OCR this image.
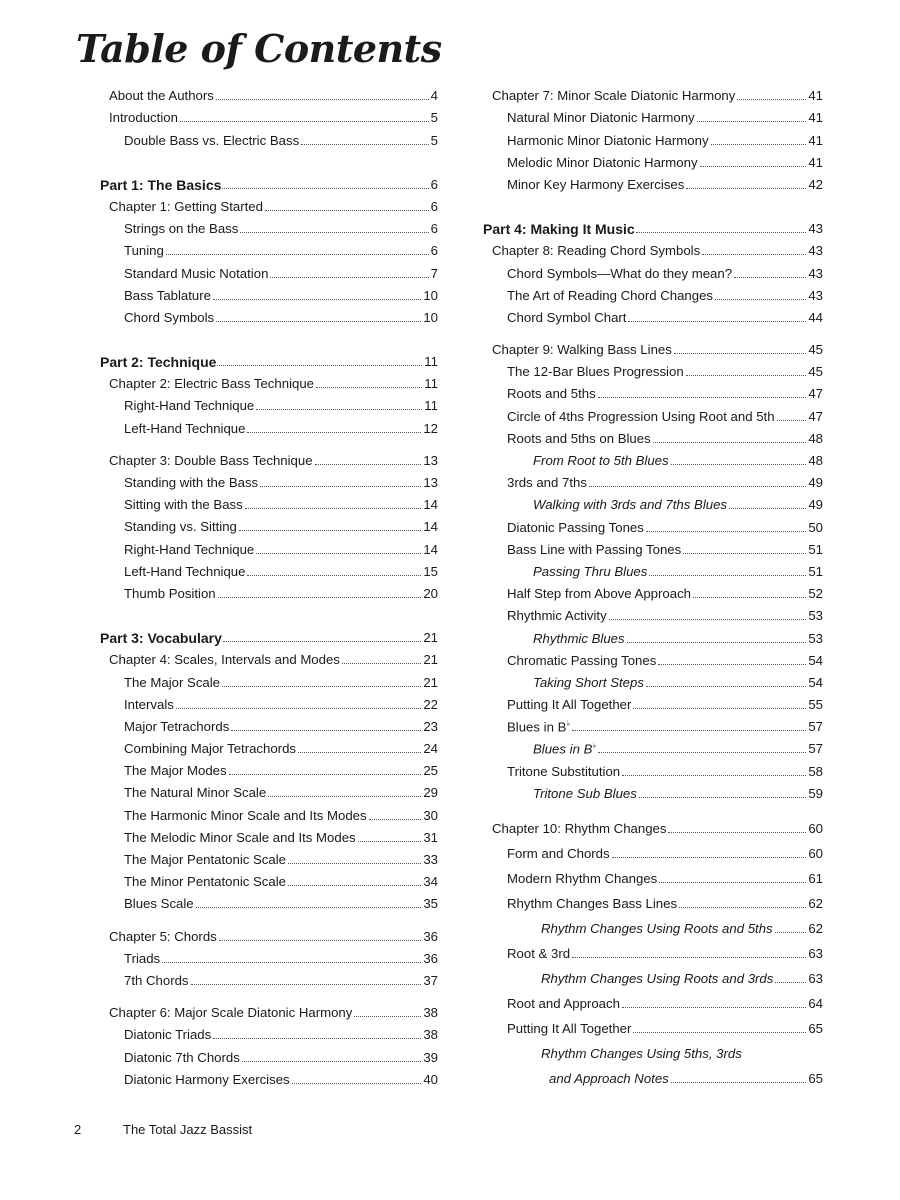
Table of Contents
About the Authors	4
Introduction	5
Double Bass vs. Electric Bass	5
Part 1: The Basics	6
Chapter 1: Getting Started	6
Strings on the Bass	6
Tuning	6
Standard Music Notation	7
Bass Tablature	10
Chord Symbols	10
Part 2: Technique	11
Chapter 2: Electric Bass Technique	11
Right-Hand Technique	11
Left-Hand Technique	12
Chapter 3: Double Bass Technique	13
Standing with the Bass	13
Sitting with the Bass	14
Standing vs. Sitting	14
Right-Hand Technique	14
Left-Hand Technique	15
Thumb Position	20
Part 3: Vocabulary	21
Chapter 4: Scales, Intervals and Modes	21
The Major Scale	21
Intervals	22
Major Tetrachords	23
Combining Major Tetrachords	24
The Major Modes	25
The Natural Minor Scale	29
The Harmonic Minor Scale and Its Modes	30
The Melodic Minor Scale and Its Modes	31
The Major Pentatonic Scale	33
The Minor Pentatonic Scale	34
Blues Scale	35
Chapter 5: Chords	36
Triads	36
7th Chords	37
Chapter 6: Major Scale Diatonic Harmony	38
Diatonic Triads	38
Diatonic 7th Chords	39
Diatonic Harmony Exercises	40
Chapter 7: Minor Scale Diatonic Harmony	41
Natural Minor Diatonic Harmony	41
Harmonic Minor Diatonic Harmony	41
Melodic Minor Diatonic Harmony	41
Minor Key Harmony Exercises	42
Part 4: Making It Music	43
Chapter 8: Reading Chord Symbols	43
Chord Symbols—What do they mean?	43
The Art of Reading Chord Changes	43
Chord Symbol Chart	44
Chapter 9: Walking Bass Lines	45
The 12-Bar Blues Progression	45
Roots and 5ths	47
Circle of 4ths Progression Using Root and 5th	47
Roots and 5ths on Blues	48
From Root to 5th Blues	48
3rds and 7ths	49
Walking with 3rds and 7ths Blues	49
Diatonic Passing Tones	50
Bass Line with Passing Tones	51
Passing Thru Blues	51
Half Step from Above Approach	52
Rhythmic Activity	53
Rhythmic Blues	53
Chromatic Passing Tones	54
Taking Short Steps	54
Putting It All Together	55
Blues in B♭	57
Blues in B♭	57
Tritone Substitution	58
Tritone Sub Blues	59
Chapter 10: Rhythm Changes	60
Form and Chords	60
Modern Rhythm Changes	61
Rhythm Changes Bass Lines	62
Rhythm Changes Using Roots and 5ths	62
Root & 3rd	63
Rhythm Changes Using Roots and 3rds	63
Root and Approach	64
Putting It All Together	65
Rhythm Changes Using 5ths, 3rds
and Approach Notes	65
2	The Total Jazz Bassist
